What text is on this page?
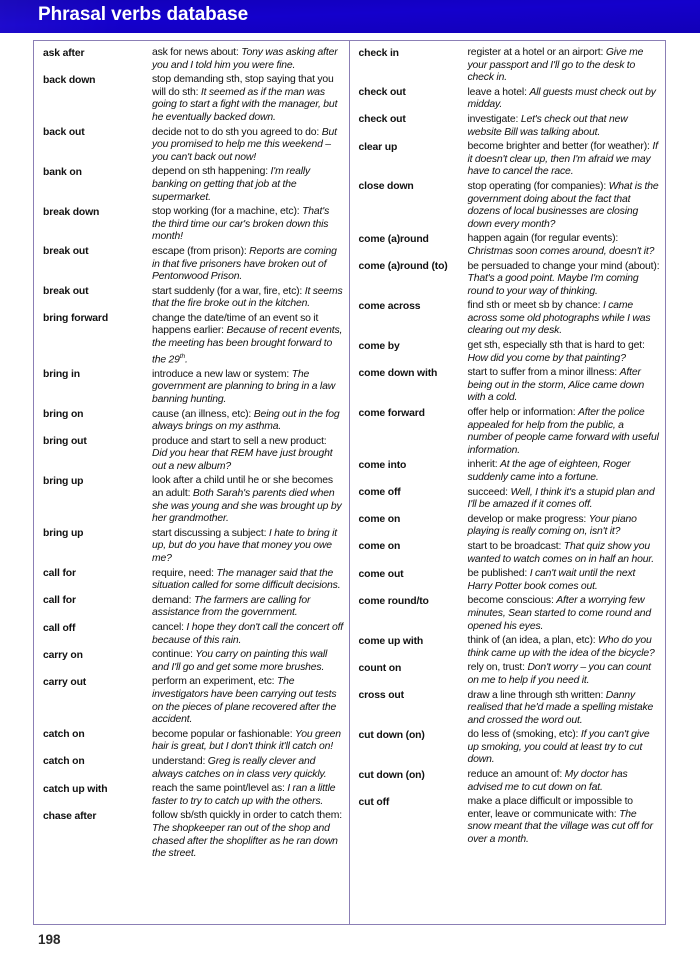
Phrasal verbs database
ask after	ask for news about: Tony was asking after you and I told him you were fine.
back down	stop demanding sth, stop saying that you will do sth: It seemed as if the man was going to start a fight with the manager, but he eventually backed down.
back out	decide not to do sth you agreed to do: But you promised to help me this weekend – you can't back out now!
bank on	depend on sth happening: I'm really banking on getting that job at the supermarket.
break down	stop working (for a machine, etc): That's the third time our car's broken down this month!
break out	escape (from prison): Reports are coming in that five prisoners have broken out of Pentonwood Prison.
break out	start suddenly (for a war, fire, etc): It seems that the fire broke out in the kitchen.
bring forward	change the date/time of an event so it happens earlier: Because of recent events, the meeting has been brought forward to the 29th.
bring in	introduce a new law or system: The government are planning to bring in a law banning hunting.
bring on	cause (an illness, etc): Being out in the fog always brings on my asthma.
bring out	produce and start to sell a new product: Did you hear that REM have just brought out a new album?
bring up	look after a child until he or she becomes an adult: Both Sarah's parents died when she was young and she was brought up by her grandmother.
bring up	start discussing a subject: I hate to bring it up, but do you have that money you owe me?
call for	require, need: The manager said that the situation called for some difficult decisions.
call for	demand: The farmers are calling for assistance from the government.
call off	cancel: I hope they don't call the concert off because of this rain.
carry on	continue: You carry on painting this wall and I'll go and get some more brushes.
carry out	perform an experiment, etc: The investigators have been carrying out tests on the pieces of plane recovered after the accident.
catch on	become popular or fashionable: You green hair is great, but I don't think it'll catch on!
catch on	understand: Greg is really clever and always catches on in class very quickly.
catch up with	reach the same point/level as: I ran a little faster to try to catch up with the others.
chase after	follow sb/sth quickly in order to catch them: The shopkeeper ran out of the shop and chased after the shoplifter as he ran down the street.
check in	register at a hotel or an airport: Give me your passport and I'll go to the desk to check in.
check out	leave a hotel: All guests must check out by midday.
check out	investigate: Let's check out that new website Bill was talking about.
clear up	become brighter and better (for weather): If it doesn't clear up, then I'm afraid we may have to cancel the race.
close down	stop operating (for companies): What is the government doing about the fact that dozens of local businesses are closing down every month?
come (a)round	happen again (for regular events): Christmas soon comes around, doesn't it?
come (a)round (to)	be persuaded to change your mind (about): That's a good point. Maybe I'm coming round to your way of thinking.
come across	find sth or meet sb by chance: I came across some old photographs while I was clearing out my desk.
come by	get sth, especially sth that is hard to get: How did you come by that painting?
come down with	start to suffer from a minor illness: After being out in the storm, Alice came down with a cold.
come forward	offer help or information: After the police appealed for help from the public, a number of people came forward with useful information.
come into	inherit: At the age of eighteen, Roger suddenly came into a fortune.
come off	succeed: Well, I think it's a stupid plan and I'll be amazed if it comes off.
come on	develop or make progress: Your piano playing is really coming on, isn't it?
come on	start to be broadcast: That quiz show you wanted to watch comes on in half an hour.
come out	be published: I can't wait until the next Harry Potter book comes out.
come round/to	become conscious: After a worrying few minutes, Sean started to come round and opened his eyes.
come up with	think of (an idea, a plan, etc): Who do you think came up with the idea of the bicycle?
count on	rely on, trust: Don't worry – you can count on me to help if you need it.
cross out	draw a line through sth written: Danny realised that he'd made a spelling mistake and crossed the word out.
cut down (on)	do less of (smoking, etc): If you can't give up smoking, you could at least try to cut down.
cut down (on)	reduce an amount of: My doctor has advised me to cut down on fat.
cut off	make a place difficult or impossible to enter, leave or communicate with: The snow meant that the village was cut off for over a month.
198
